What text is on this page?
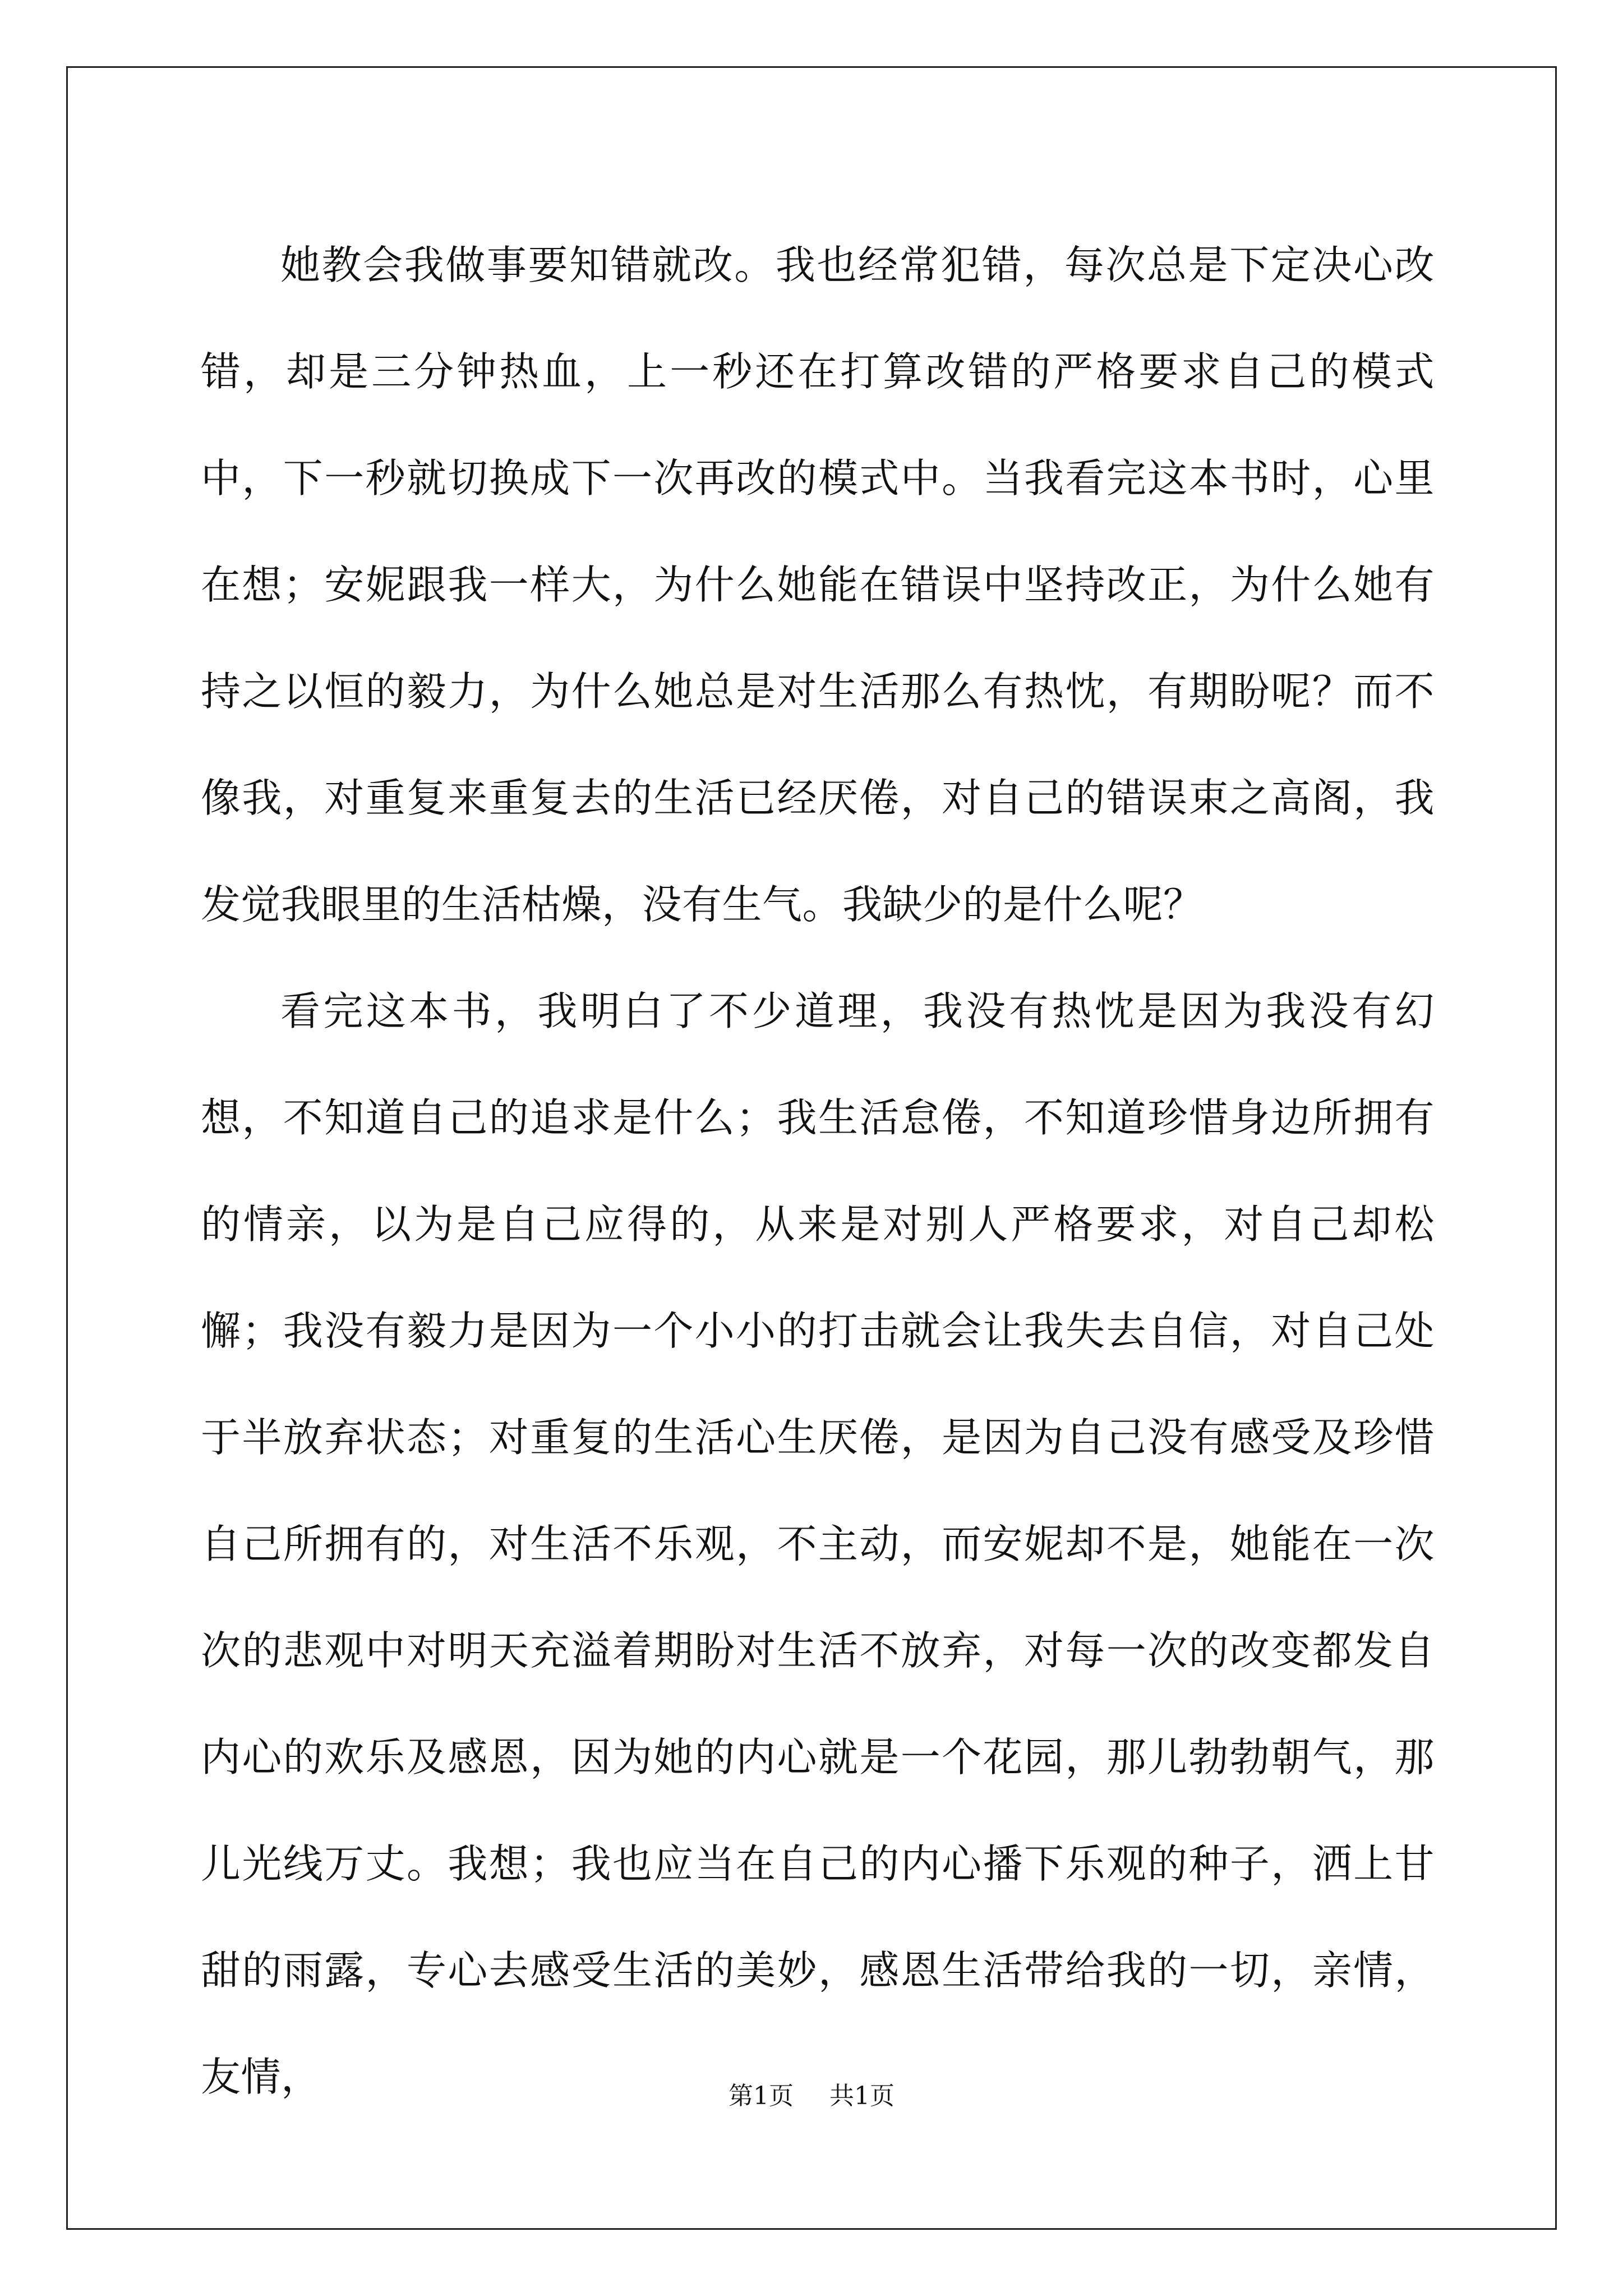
她教会我做事要知错就改。我也经常犯错，每次总是下定决心改错，却是三分钟热血，上一秒还在打算改错的严格要求自己的模式中，下一秒就切换成下一次再改的模式中。当我看完这本书时，心里在想；安妮跟我一样大，为什么她能在错误中坚持改正，为什么她有持之以恒的毅力，为什么她总是对生活那么有热忱，有期盼呢？而不像我，对重复来重复去的生活已经厌倦，对自己的错误束之高阁，我发觉我眼里的生活枯燥，没有生气。我缺少的是什么呢？

看完这本书，我明白了不少道理，我没有热忱是因为我没有幻想，不知道自己的追求是什么；我生活怠倦，不知道珍惜身边所拥有的情亲，以为是自己应得的，从来是对别人严格要求，对自己却松懈；我没有毅力是因为一个小小的打击就会让我失去自信，对自己处于半放弃状态；对重复的生活心生厌倦，是因为自己没有感受及珍惜自己所拥有的，对生活不乐观，不主动，而安妮却不是，她能在一次次的悲观中对明天充溢着期盼对生活不放弃，对每一次的改变都发自内心的欢乐及感恩，因为她的内心就是一个花园，那儿勃勃朝气，那儿光线万丈。我想；我也应当在自己的内心播下乐观的种子，洒上甘甜的雨露，专心去感受生活的美妙，感恩生活带给我的一切，亲情，友情，	第1页 共1页
